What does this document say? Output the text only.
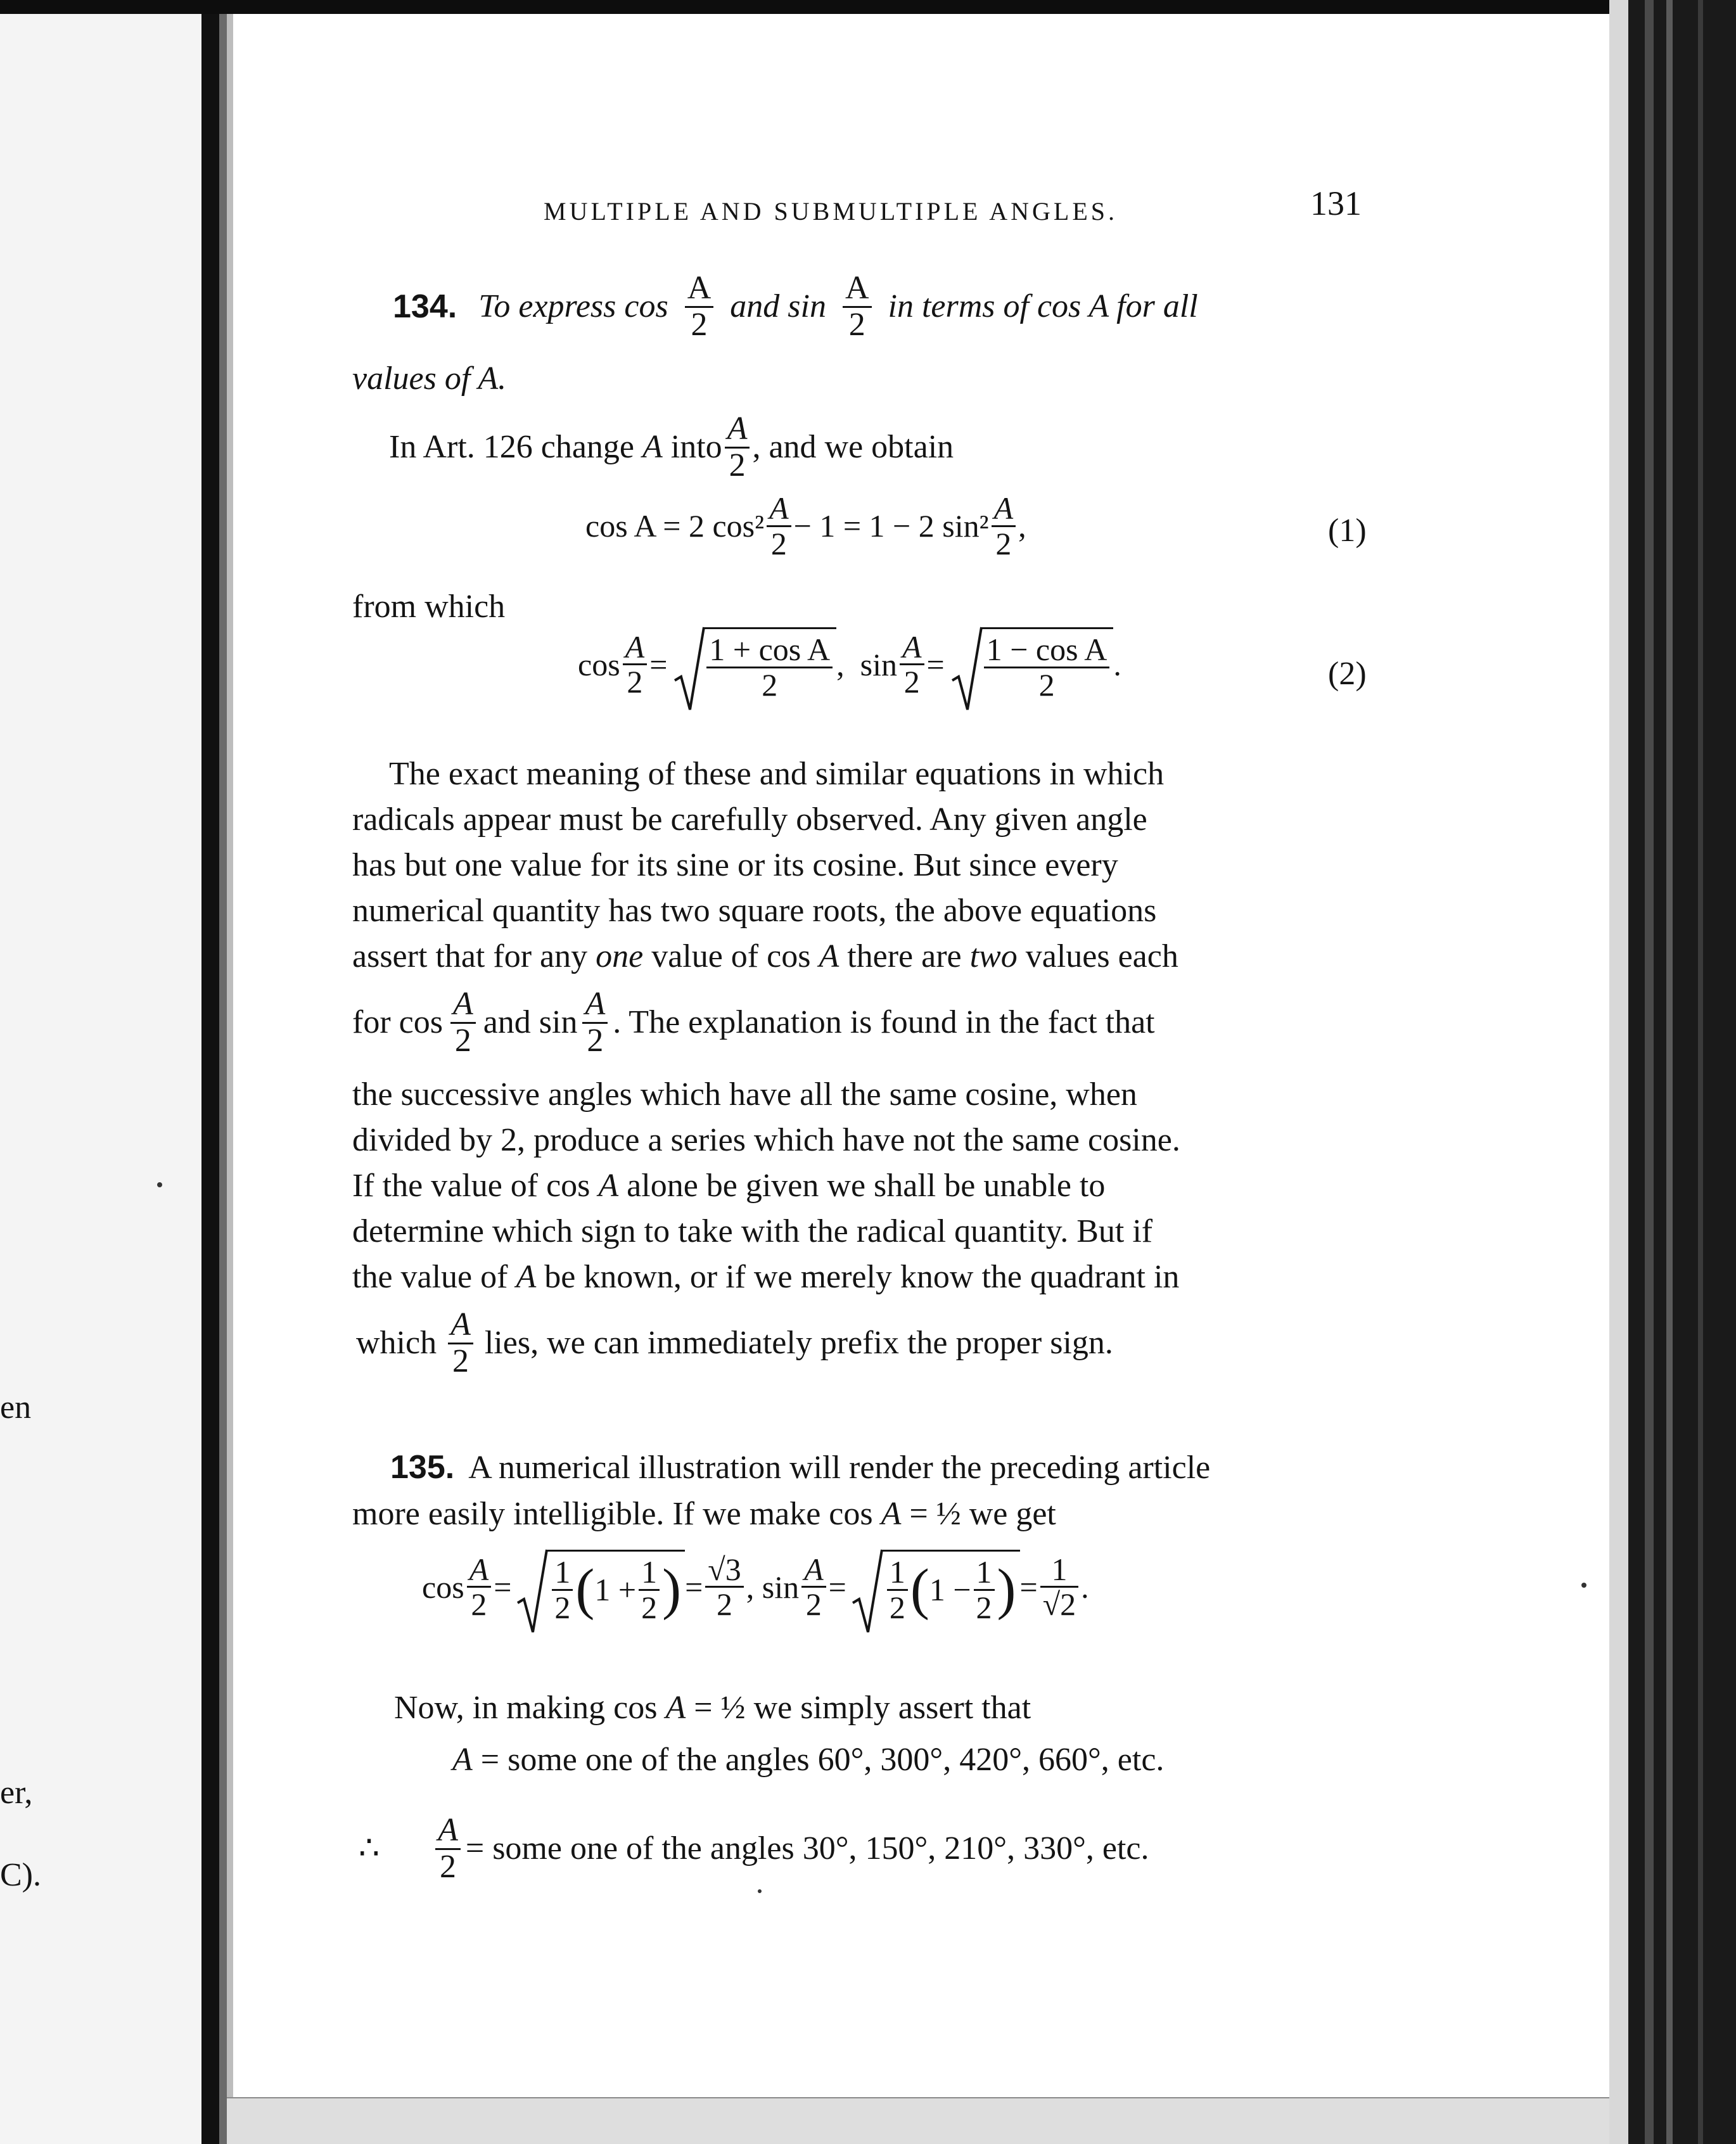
en
er,
C).
MULTIPLE AND SUBMULTIPLE ANGLES.	131
134. To express $\cos \frac{A}{2}$ and $\sin \frac{A}{2}$ in terms of cos A for all
values of A.
In Art. 126 change
A
into $\frac{A}{2}$ , and we obtain
cos A = 2
$\cos^2 \frac{A}{2} - 1 = 1 - 2$
$\sin^2 \frac{A}{2}$ ,	(1)
from which
$\cos \frac{A}{2} = \frac{\text{1 + cos A}}{2}$ , $\sin \frac{A}{2} = \frac{\text{1 − cos A}}{2}$ .	(2)
The exact meaning of these and similar equations in which
radicals appear must be carefully observed. Any given angle
has but one value for its sine or its cosine. But since every
numerical quantity has two square roots, the above equations
assert that for any one value of cos A there are two values each
for $\cos \frac{A}{2}$ and $\sin \frac{A}{2}$ . The explanation is found in the fact that
the successive angles which have all the same cosine, when
divided by 2, produce a series which have not the same cosine.
If the value of cos A alone be given we shall be unable to
determine which sign to take with the radical quantity. But if
the value of A be known, or if we merely know the quadrant in
which $\frac{A}{2}$ lies, we can immediately prefix the proper sign.
135. A numerical illustration will render the preceding article
more easily intelligible. If we make cos A = ½ we get
$\cos \frac{A}{2} = \frac{1}{2}$ ( $1 + \frac{1}{2}$ ) = $\frac{√3}{2}$ , $\sin \frac{A}{2} = \frac{1}{2}$ ( $1 - \frac{1}{2}$ ) = $\frac{1}{√2}$ .
Now, in making cos A = ½ we simply assert that
A = some one of the angles 60°, 300°, 420°, 660°, etc.
∴ $\frac{A}{2}$ =
some one of the angles 30°, 150°, 210°, 330°, etc.
